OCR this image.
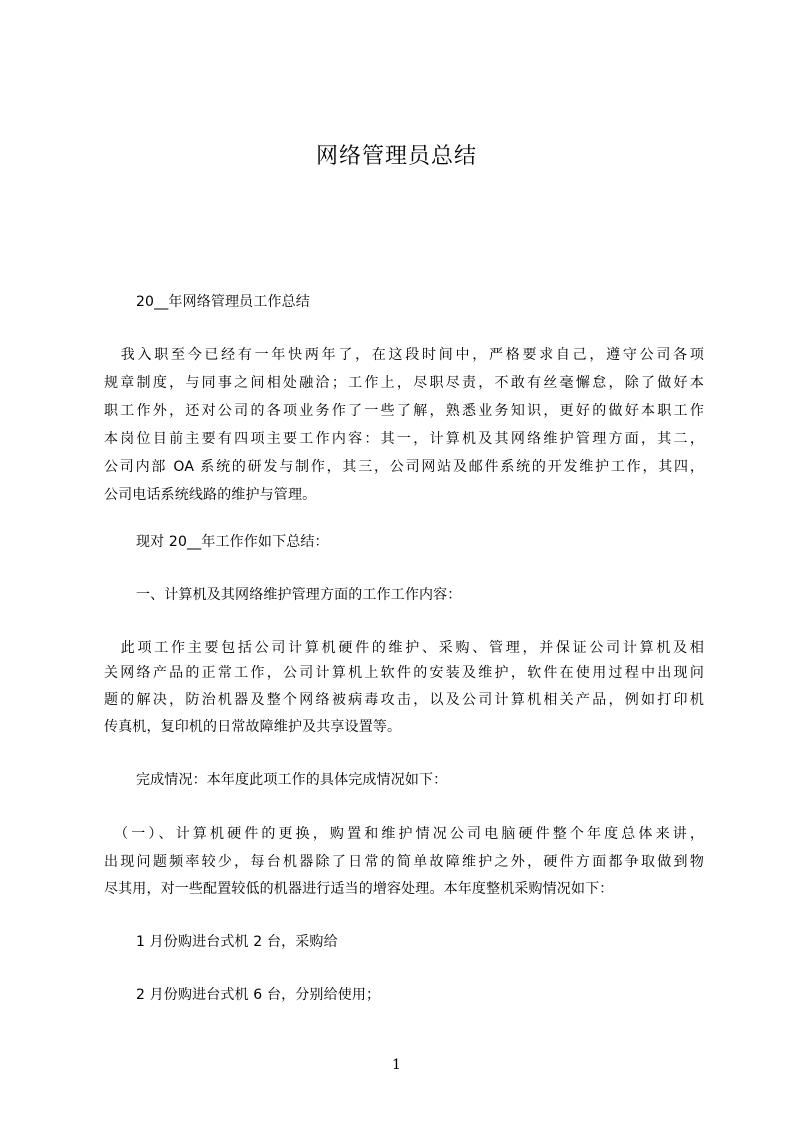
网络管理员总结
20__年网络管理员工作总结
　我入职至今已经有一年快两年了，在这段时间中，严格要求自己，遵守公司各项
规章制度，与同事之间相处融洽；工作上，尽职尽责，不敢有丝毫懈怠，除了做好本
职工作外，还对公司的各项业务作了一些了解，熟悉业务知识，更好的做好本职工作
本岗位目前主要有四项主要工作内容：其一，计算机及其网络维护管理方面，其二，
公司内部 OA 系统的研发与制作，其三，公司网站及邮件系统的开发维护工作，其四，
公司电话系统线路的维护与管理。
现对 20__年工作作如下总结：
一、计算机及其网络维护管理方面的工作工作内容：
　此项工作主要包括公司计算机硬件的维护、采购、管理，并保证公司计算机及相
关网络产品的正常工作，公司计算机上软件的安装及维护，软件在使用过程中出现问
题的解决，防治机器及整个网络被病毒攻击，以及公司计算机相关产品，例如打印机
传真机，复印机的日常故障维护及共享设置等。
完成情况：本年度此项工作的具体完成情况如下：
　（一）、计算机硬件的更换，购置和维护情况公司电脑硬件整个年度总体来讲，
出现问题频率较少，每台机器除了日常的简单故障维护之外，硬件方面都争取做到物
尽其用，对一些配置较低的机器进行适当的增容处理。本年度整机采购情况如下：
1 月份购进台式机 2 台，采购给
2 月份购进台式机 6 台，分别给使用；
1
